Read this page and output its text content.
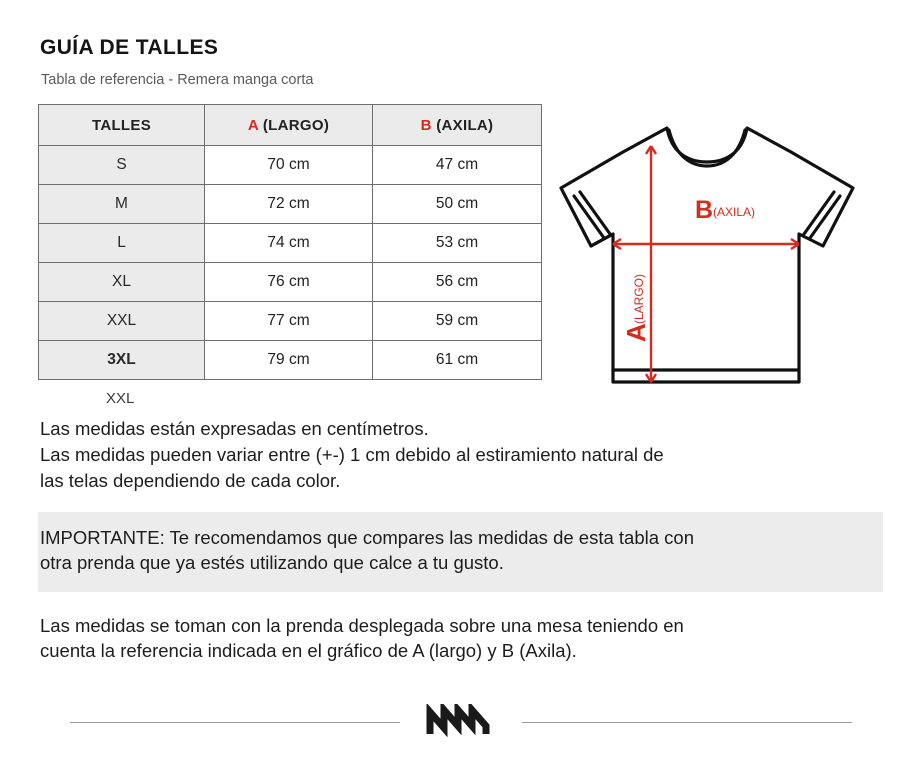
GUÍA DE TALLES
Tabla de referencia - Remera manga corta
TALLES	A (LARGO)	B (AXILA)
S	70 cm	47 cm
M	72 cm	50 cm
L	74 cm	53 cm
XL	76 cm	56 cm
XXL	77 cm	59 cm
3XL	79 cm	61 cm
XXL
B (AXILA)
A
(LARGO)

Las medidas están expresadas en centímetros.

Las medidas pueden variar entre (+-) 1 cm debido al estiramiento natural de

las telas dependiendo de cada color.

IMPORTANTE: Te recomendamos que compares las medidas de esta tabla con

otra prenda que ya estés utilizando que calce a tu gusto.

Las medidas se toman con la prenda desplegada sobre una mesa teniendo en

cuenta la referencia indicada en el gráfico de A (largo) y B (Axila).
